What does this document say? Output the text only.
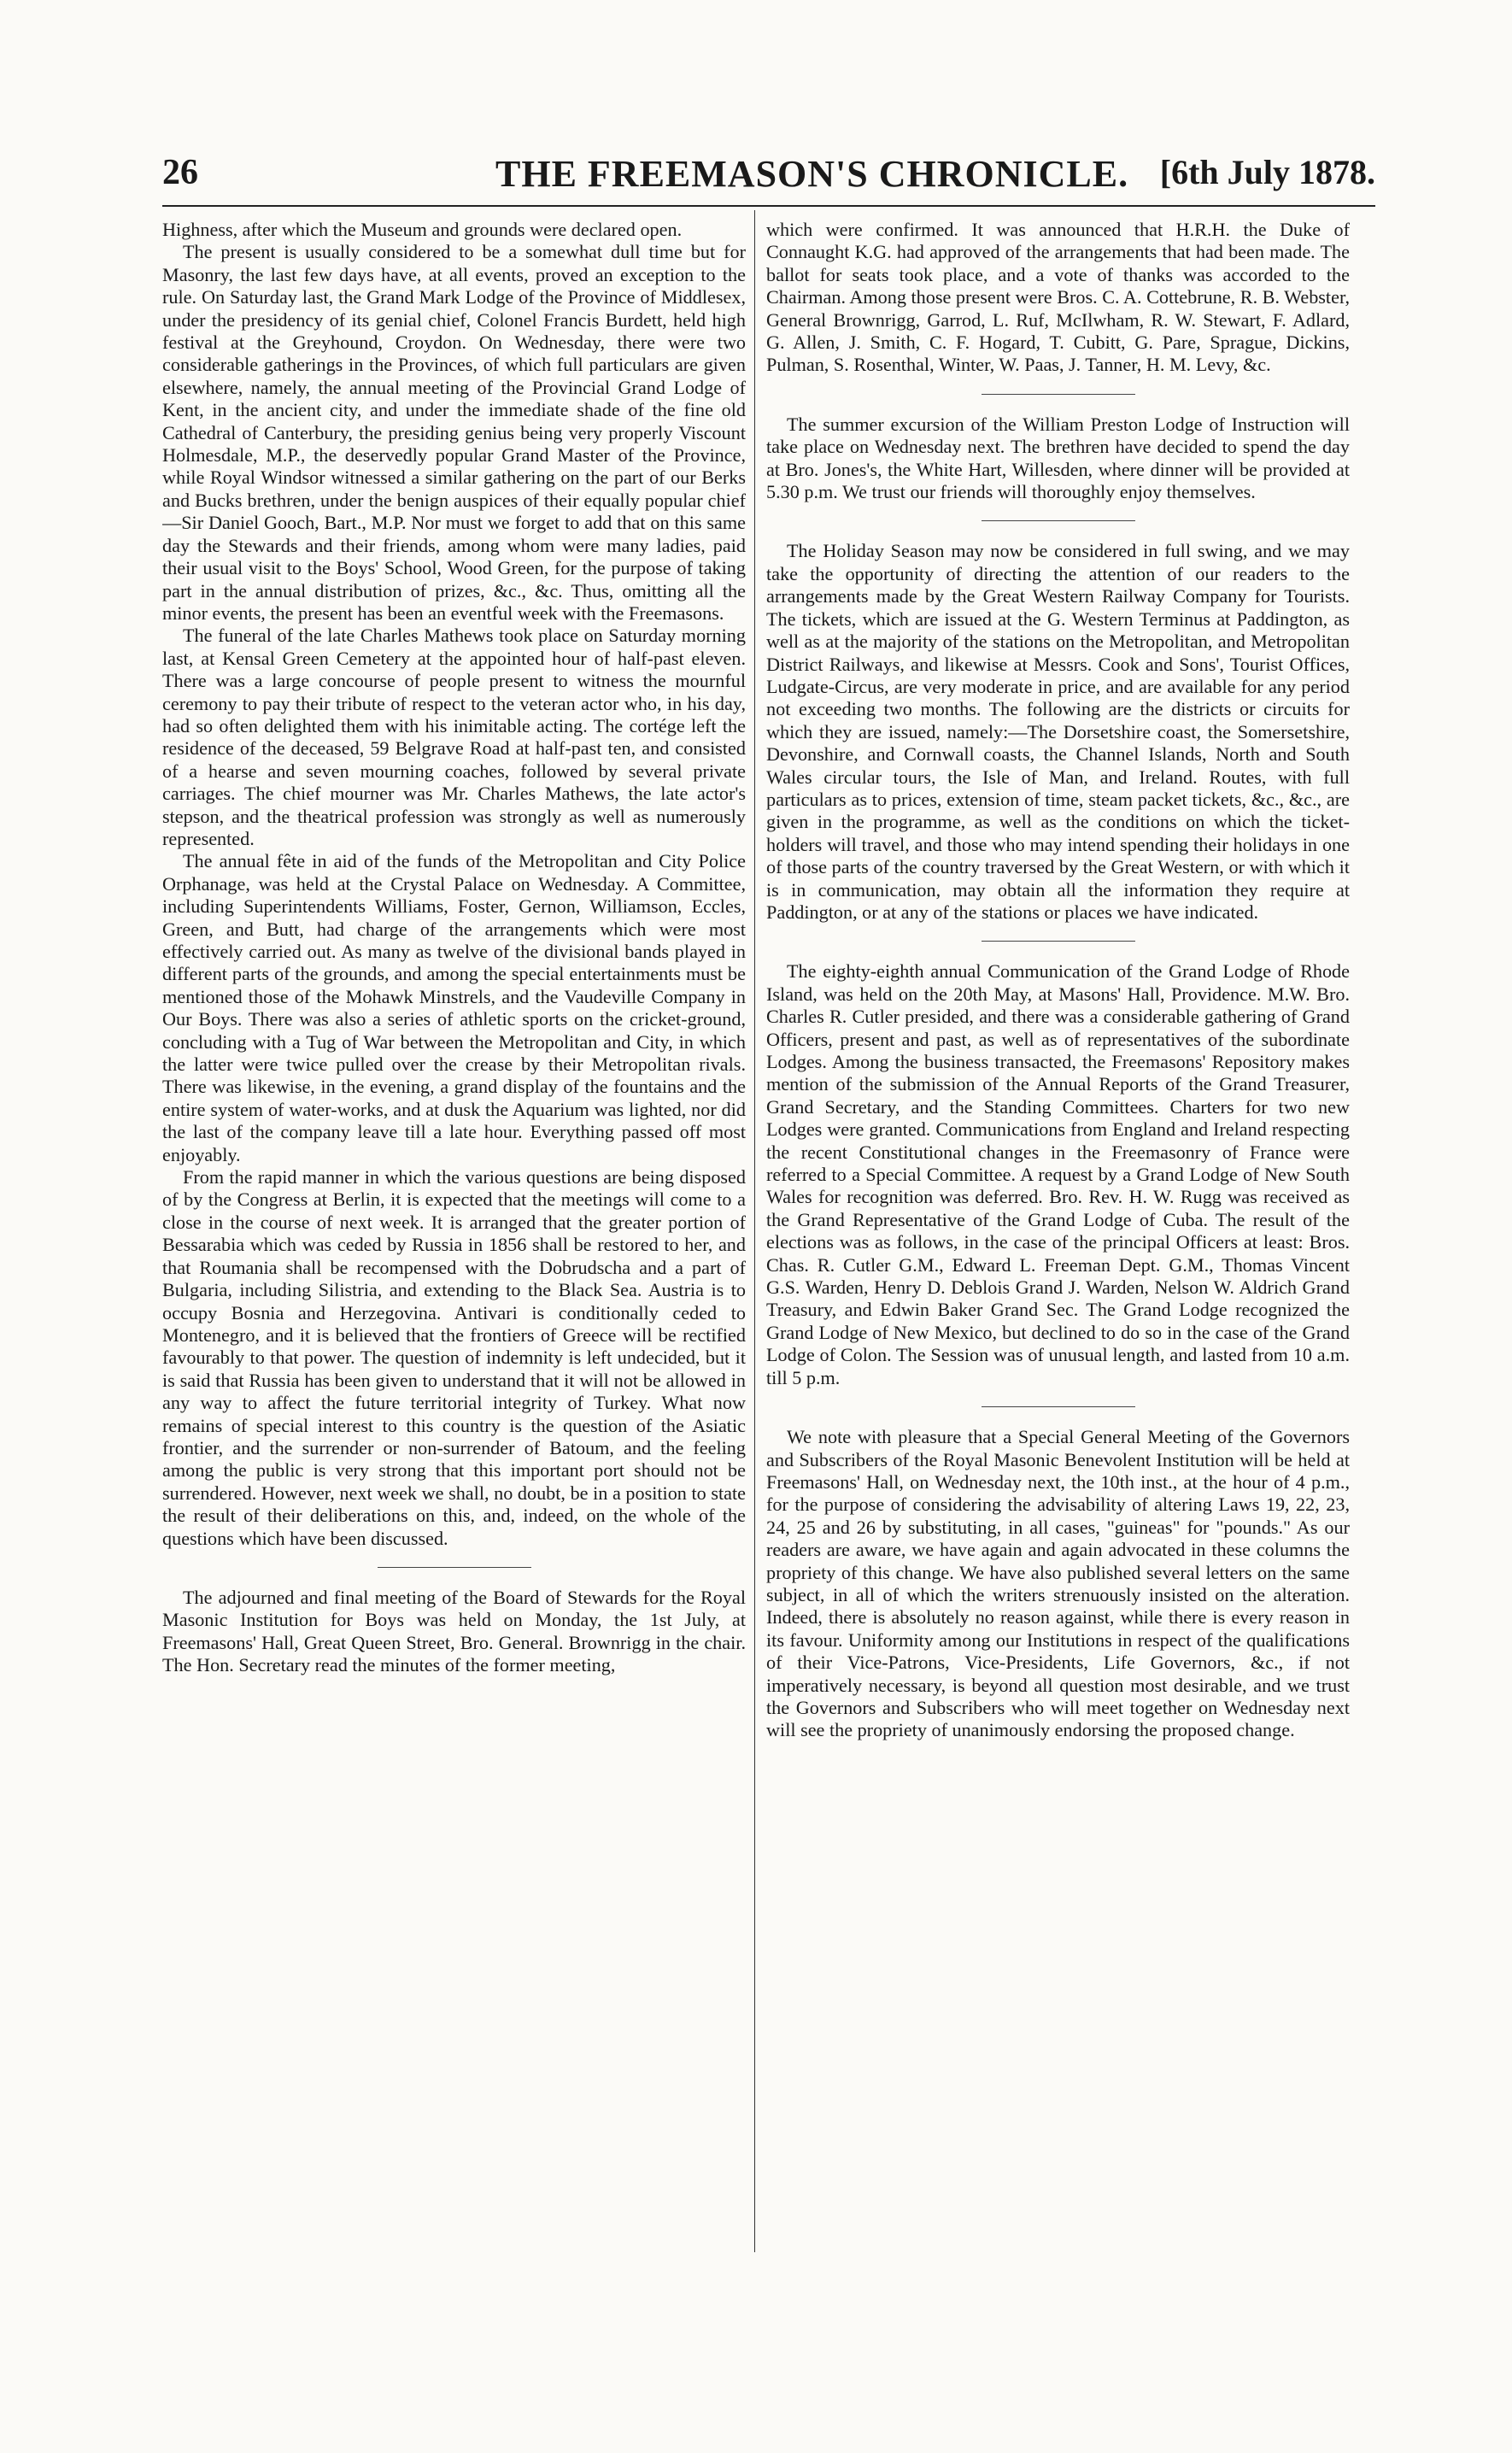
26	THE FREEMASON'S CHRONICLE. [6th July 1878.

Highness, after which the Museum and grounds were declared open.

The present is usually considered to be a somewhat dull time but for Masonry, the last few days have, at all events, proved an exception to the rule. On Saturday last, the Grand Mark Lodge of the Province of Middlesex, under the presidency of its genial chief, Colonel Francis Burdett, held high festival at the Greyhound, Croydon. On Wednesday, there were two considerable gatherings in the Provinces, of which full particulars are given elsewhere, namely, the annual meeting of the Provincial Grand Lodge of Kent, in the ancient city, and under the immediate shade of the fine old Cathedral of Canterbury, the presiding genius being very properly Viscount Holmesdale, M.P., the deservedly popular Grand Master of the Province, while Royal Windsor witnessed a similar gathering on the part of our Berks and Bucks brethren, under the benign auspices of their equally popular chief—Sir Daniel Gooch, Bart., M.P. Nor must we forget to add that on this same day the Stewards and their friends, among whom were many ladies, paid their usual visit to the Boys' School, Wood Green, for the purpose of taking part in the annual distribution of prizes, &c., &c. Thus, omitting all the minor events, the present has been an eventful week with the Freemasons.

The funeral of the late Charles Mathews took place on Saturday morning last, at Kensal Green Cemetery at the appointed hour of half-past eleven. There was a large concourse of people present to witness the mournful ceremony to pay their tribute of respect to the veteran actor who, in his day, had so often delighted them with his inimitable acting. The cortége left the residence of the deceased, 59 Belgrave Road at half-past ten, and consisted of a hearse and seven mourning coaches, followed by several private carriages. The chief mourner was Mr. Charles Mathews, the late actor's stepson, and the theatrical profession was strongly as well as numerously represented.

The annual fête in aid of the funds of the Metropolitan and City Police Orphanage, was held at the Crystal Palace on Wednesday. A Committee, including Superintendents Williams, Foster, Gernon, Williamson, Eccles, Green, and Butt, had charge of the arrangements which were most effectively carried out. As many as twelve of the divisional bands played in different parts of the grounds, and among the special entertainments must be mentioned those of the Mohawk Minstrels, and the Vaudeville Company in Our Boys. There was also a series of athletic sports on the cricket-ground, concluding with a Tug of War between the Metropolitan and City, in which the latter were twice pulled over the crease by their Metropolitan rivals. There was likewise, in the evening, a grand display of the fountains and the entire system of water-works, and at dusk the Aquarium was lighted, nor did the last of the company leave till a late hour. Everything passed off most enjoyably.

From the rapid manner in which the various questions are being disposed of by the Congress at Berlin, it is expected that the meetings will come to a close in the course of next week. It is arranged that the greater portion of Bessarabia which was ceded by Russia in 1856 shall be restored to her, and that Roumania shall be recompensed with the Dobrudscha and a part of Bulgaria, including Silistria, and extending to the Black Sea. Austria is to occupy Bosnia and Herzegovina. Antivari is conditionally ceded to Montenegro, and it is believed that the frontiers of Greece will be rectified favourably to that power. The question of indemnity is left undecided, but it is said that Russia has been given to understand that it will not be allowed in any way to affect the future territorial integrity of Turkey. What now remains of special interest to this country is the question of the Asiatic frontier, and the surrender or non-surrender of Batoum, and the feeling among the public is very strong that this important port should not be surrendered. However, next week we shall, no doubt, be in a position to state the result of their deliberations on this, and, indeed, on the whole of the questions which have been discussed.

The adjourned and final meeting of the Board of Stewards for the Royal Masonic Institution for Boys was held on Monday, the 1st July, at Freemasons' Hall, Great Queen Street, Bro. General. Brownrigg in the chair. The Hon. Secretary read the minutes of the former meeting,

which were confirmed. It was announced that H.R.H. the Duke of Connaught K.G. had approved of the arrangements that had been made. The ballot for seats took place, and a vote of thanks was accorded to the Chairman. Among those present were Bros. C. A. Cottebrune, R. B. Webster, General Brownrigg, Garrod, L. Ruf, McIlwham, R. W. Stewart, F. Adlard, G. Allen, J. Smith, C. F. Hogard, T. Cubitt, G. Pare, Sprague, Dickins, Pulman, S. Rosenthal, Winter, W. Paas, J. Tanner, H. M. Levy, &c.

The summer excursion of the William Preston Lodge of Instruction will take place on Wednesday next. The brethren have decided to spend the day at Bro. Jones's, the White Hart, Willesden, where dinner will be provided at 5.30 p.m. We trust our friends will thoroughly enjoy themselves.

The Holiday Season may now be considered in full swing, and we may take the opportunity of directing the attention of our readers to the arrangements made by the Great Western Railway Company for Tourists. The tickets, which are issued at the G. Western Terminus at Paddington, as well as at the majority of the stations on the Metropolitan, and Metropolitan District Railways, and likewise at Messrs. Cook and Sons', Tourist Offices, Ludgate-Circus, are very moderate in price, and are available for any period not exceeding two months. The following are the districts or circuits for which they are issued, namely:—The Dorsetshire coast, the Somersetshire, Devonshire, and Cornwall coasts, the Channel Islands, North and South Wales circular tours, the Isle of Man, and Ireland. Routes, with full particulars as to prices, extension of time, steam packet tickets, &c., &c., are given in the programme, as well as the conditions on which the ticket-holders will travel, and those who may intend spending their holidays in one of those parts of the country traversed by the Great Western, or with which it is in communication, may obtain all the information they require at Paddington, or at any of the stations or places we have indicated.

The eighty-eighth annual Communication of the Grand Lodge of Rhode Island, was held on the 20th May, at Masons' Hall, Providence. M.W. Bro. Charles R. Cutler presided, and there was a considerable gathering of Grand Officers, present and past, as well as of representatives of the subordinate Lodges. Among the business transacted, the Freemasons' Repository makes mention of the submission of the Annual Reports of the Grand Treasurer, Grand Secretary, and the Standing Committees. Charters for two new Lodges were granted. Communications from England and Ireland respecting the recent Constitutional changes in the Freemasonry of France were referred to a Special Committee. A request by a Grand Lodge of New South Wales for recognition was deferred. Bro. Rev. H. W. Rugg was received as the Grand Representative of the Grand Lodge of Cuba. The result of the elections was as follows, in the case of the principal Officers at least: Bros. Chas. R. Cutler G.M., Edward L. Freeman Dept. G.M., Thomas Vincent G.S. Warden, Henry D. Deblois Grand J. Warden, Nelson W. Aldrich Grand Treasury, and Edwin Baker Grand Sec. The Grand Lodge recognized the Grand Lodge of New Mexico, but declined to do so in the case of the Grand Lodge of Colon. The Session was of unusual length, and lasted from 10 a.m. till 5 p.m.

We note with pleasure that a Special General Meeting of the Governors and Subscribers of the Royal Masonic Benevolent Institution will be held at Freemasons' Hall, on Wednesday next, the 10th inst., at the hour of 4 p.m., for the purpose of considering the advisability of altering Laws 19, 22, 23, 24, 25 and 26 by substituting, in all cases, "guineas" for "pounds." As our readers are aware, we have again and again advocated in these columns the propriety of this change. We have also published several letters on the same subject, in all of which the writers strenuously insisted on the alteration. Indeed, there is absolutely no reason against, while there is every reason in its favour. Uniformity among our Institutions in respect of the qualifications of their Vice-Patrons, Vice-Presidents, Life Governors, &c., if not imperatively necessary, is beyond all question most desirable, and we trust the Governors and Subscribers who will meet together on Wednesday next will see the propriety of unanimously endorsing the proposed change.
